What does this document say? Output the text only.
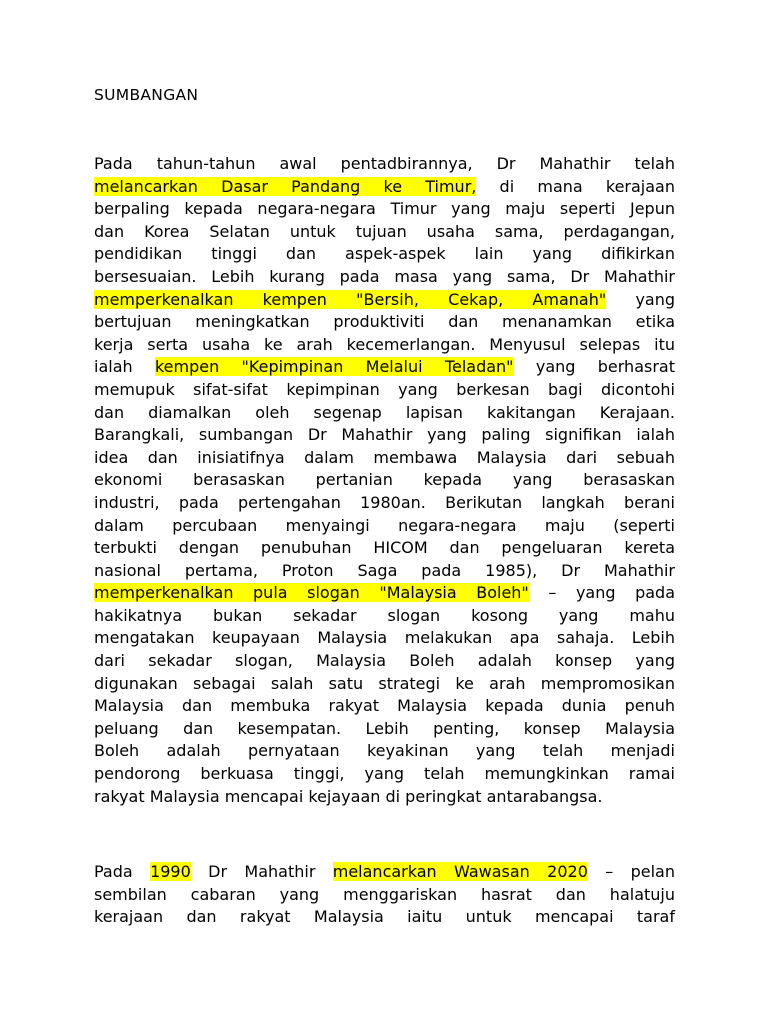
SUMBANGAN
Pada tahun-tahun awal pentadbirannya, Dr Mahathir telah
melancarkan Dasar Pandang ke Timur, di mana kerajaan
berpaling kepada negara-negara Timur yang maju seperti Jepun
dan Korea Selatan untuk tujuan usaha sama, perdagangan,
pendidikan tinggi dan aspek-aspek lain yang difikirkan
bersesuaian. Lebih kurang pada masa yang sama, Dr Mahathir
memperkenalkan kempen "Bersih, Cekap, Amanah" yang
bertujuan meningkatkan produktiviti dan menanamkan etika
kerja serta usaha ke arah kecemerlangan. Menyusul selepas itu
ialah kempen "Kepimpinan Melalui Teladan" yang berhasrat
memupuk sifat-sifat kepimpinan yang berkesan bagi dicontohi
dan diamalkan oleh segenap lapisan kakitangan Kerajaan.
Barangkali, sumbangan Dr Mahathir yang paling signifikan ialah
idea dan inisiatifnya dalam membawa Malaysia dari sebuah
ekonomi berasaskan pertanian kepada yang berasaskan
industri, pada pertengahan 1980an. Berikutan langkah berani
dalam percubaan menyaingi negara-negara maju (seperti
terbukti dengan penubuhan HICOM dan pengeluaran kereta
nasional pertama, Proton Saga pada 1985), Dr Mahathir
memperkenalkan pula slogan "Malaysia Boleh" – yang pada
hakikatnya bukan sekadar slogan kosong yang mahu
mengatakan keupayaan Malaysia melakukan apa sahaja. Lebih
dari sekadar slogan, Malaysia Boleh adalah konsep yang
digunakan sebagai salah satu strategi ke arah mempromosikan
Malaysia dan membuka rakyat Malaysia kepada dunia penuh
peluang dan kesempatan. Lebih penting, konsep Malaysia
Boleh adalah pernyataan keyakinan yang telah menjadi
pendorong berkuasa tinggi, yang telah memungkinkan ramai
rakyat Malaysia mencapai kejayaan di peringkat antarabangsa.
Pada 1990 Dr Mahathir melancarkan Wawasan 2020 – pelan
sembilan cabaran yang menggariskan hasrat dan halatuju
kerajaan dan rakyat Malaysia iaitu untuk mencapai taraf
